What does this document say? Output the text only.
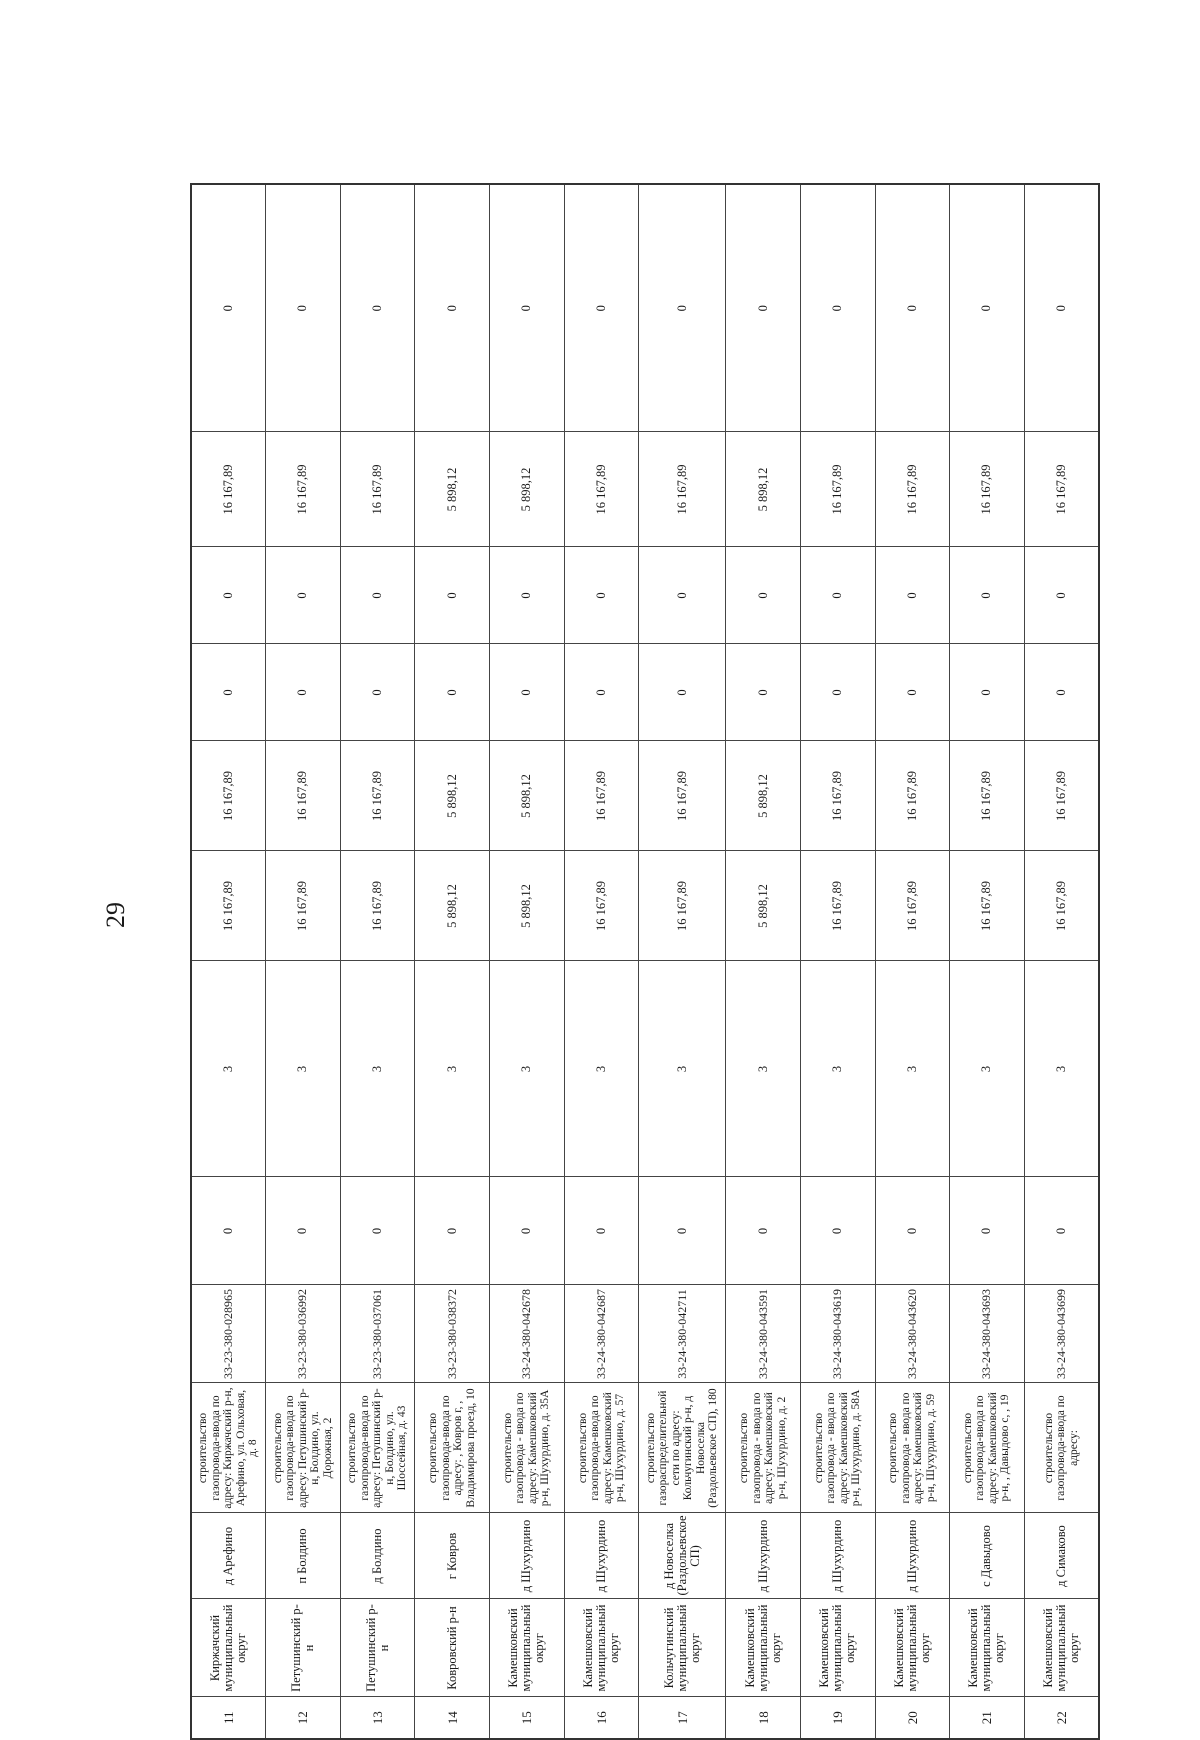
29
11	Киржачский муниципальный округ	д Арефино	строительство газопровода-ввода по адресу: Киржачский р-н, Арефино, ул. Ольховая, д. 8	33-23-380-028965	0	3	16 167,89	16 167,89	0	0	16 167,89	0
12	Петушинский р-н	п Болдино	строительство газопровода-ввода по адресу: Петушинский р-н, Болдино, ул. Дорожная, 2	33-23-380-036992	0	3	16 167,89	16 167,89	0	0	16 167,89	0
13	Петушинский р-н	д Болдино	строительство газопровода-ввода по адресу: Петушинский р-н, Болдино, ул. Шоссейная, д. 43	33-23-380-037061	0	3	16 167,89	16 167,89	0	0	16 167,89	0
14	Ковровский р-н	г Ковров	строительство газопровода-ввода по адресу: , Ковров г, , Владимирова проезд, 10	33-23-380-038372	0	3	5 898,12	5 898,12	0	0	5 898,12	0
15	Камешковский муниципальный округ	д Шухурдино	строительство газопровода - ввода по адресу: Камешковский р-н, Шухурдино, д. 35А	33-24-380-042678	0	3	5 898,12	5 898,12	0	0	5 898,12	0
16	Камешковский муниципальный округ	д Шухурдино	строительство газопровода-ввода по адресу: Камешковский р-н, Шухурдино, д. 57	33-24-380-042687	0	3	16 167,89	16 167,89	0	0	16 167,89	0
17	Кольчугинский муниципальный округ	д Новоселка (Раздольевское СП)	строительство газораспределительной сети по адресу: Кольчугинский р-н, д Новоселка (Раздольевское СП), 180	33-24-380-042711	0	3	16 167,89	16 167,89	0	0	16 167,89	0
18	Камешковский муниципальный округ	д Шухурдино	строительство газопровода - ввода по адресу: Камешковский р-н, Шухурдино, д. 2	33-24-380-043591	0	3	5 898,12	5 898,12	0	0	5 898,12	0
19	Камешковский муниципальный округ	д Шухурдино	строительство газопровода - ввода по адресу: Камешковский р-н, Шухурдино, д. 58А	33-24-380-043619	0	3	16 167,89	16 167,89	0	0	16 167,89	0
20	Камешковский муниципальный округ	д Шухурдино	строительство газопровода - ввода по адресу: Камешковский р-н, Шухурдино, д. 59	33-24-380-043620	0	3	16 167,89	16 167,89	0	0	16 167,89	0
21	Камешковский муниципальный округ	с Давыдово	строительство газопровода-ввода по адресу: Камешковский р-н, , Давыдово с, , 19	33-24-380-043693	0	3	16 167,89	16 167,89	0	0	16 167,89	0
22	Камешковский муниципальный округ	д Симаково	строительство газопровода-ввода по адресу:	33-24-380-043699	0	3	16 167,89	16 167,89	0	0	16 167,89	0
